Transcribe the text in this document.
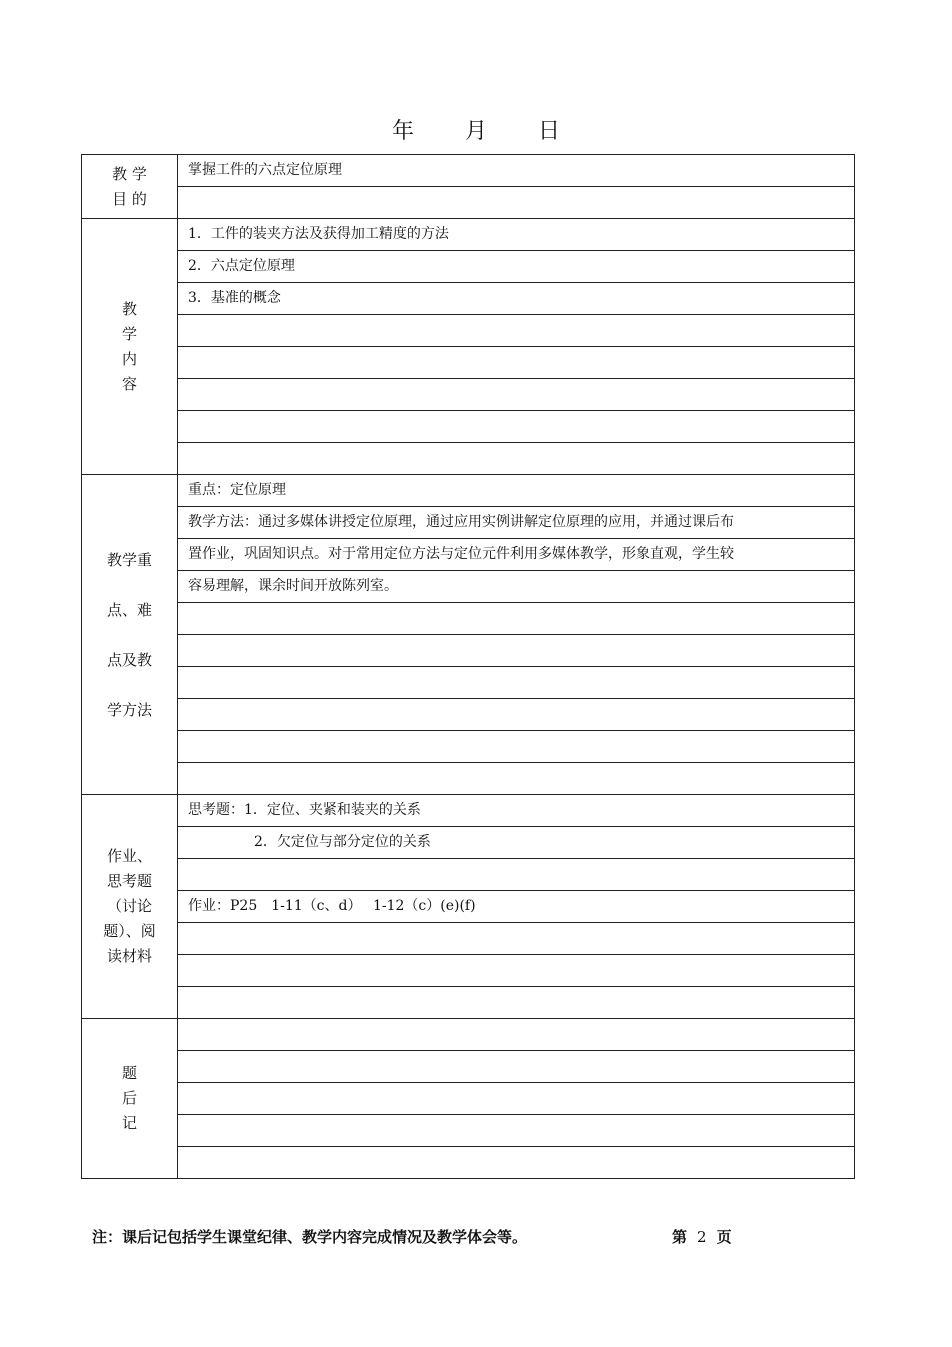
年 月 日
教 学
目 的	掌握工件的六点定位原理

教
学
内
容	1．工件的装夹方法及获得加工精度的方法
	2．六点定位原理
	3．基准的概念

教学重
点、难
点及教
学方法	重点：定位原理
	教学方法：通过多媒体讲授定位原理，通过应用实例讲解定位原理的应用，并通过课后布
	置作业，巩固知识点。对于常用定位方法与定位元件利用多媒体教学，形象直观，学生较
	容易理解，课余时间开放陈列室。

作业、
思考题
（讨论
题）、阅
读材料	思考题：1．定位、夹紧和装夹的关系
	2．欠定位与部分定位的关系

	作业：P25　1-11（c、d）　 1-12（c）(e)(f)

题
后
记	

注：课后记包括学生课堂纪律、教学内容完成情况及教学体会等。	第 2 页
